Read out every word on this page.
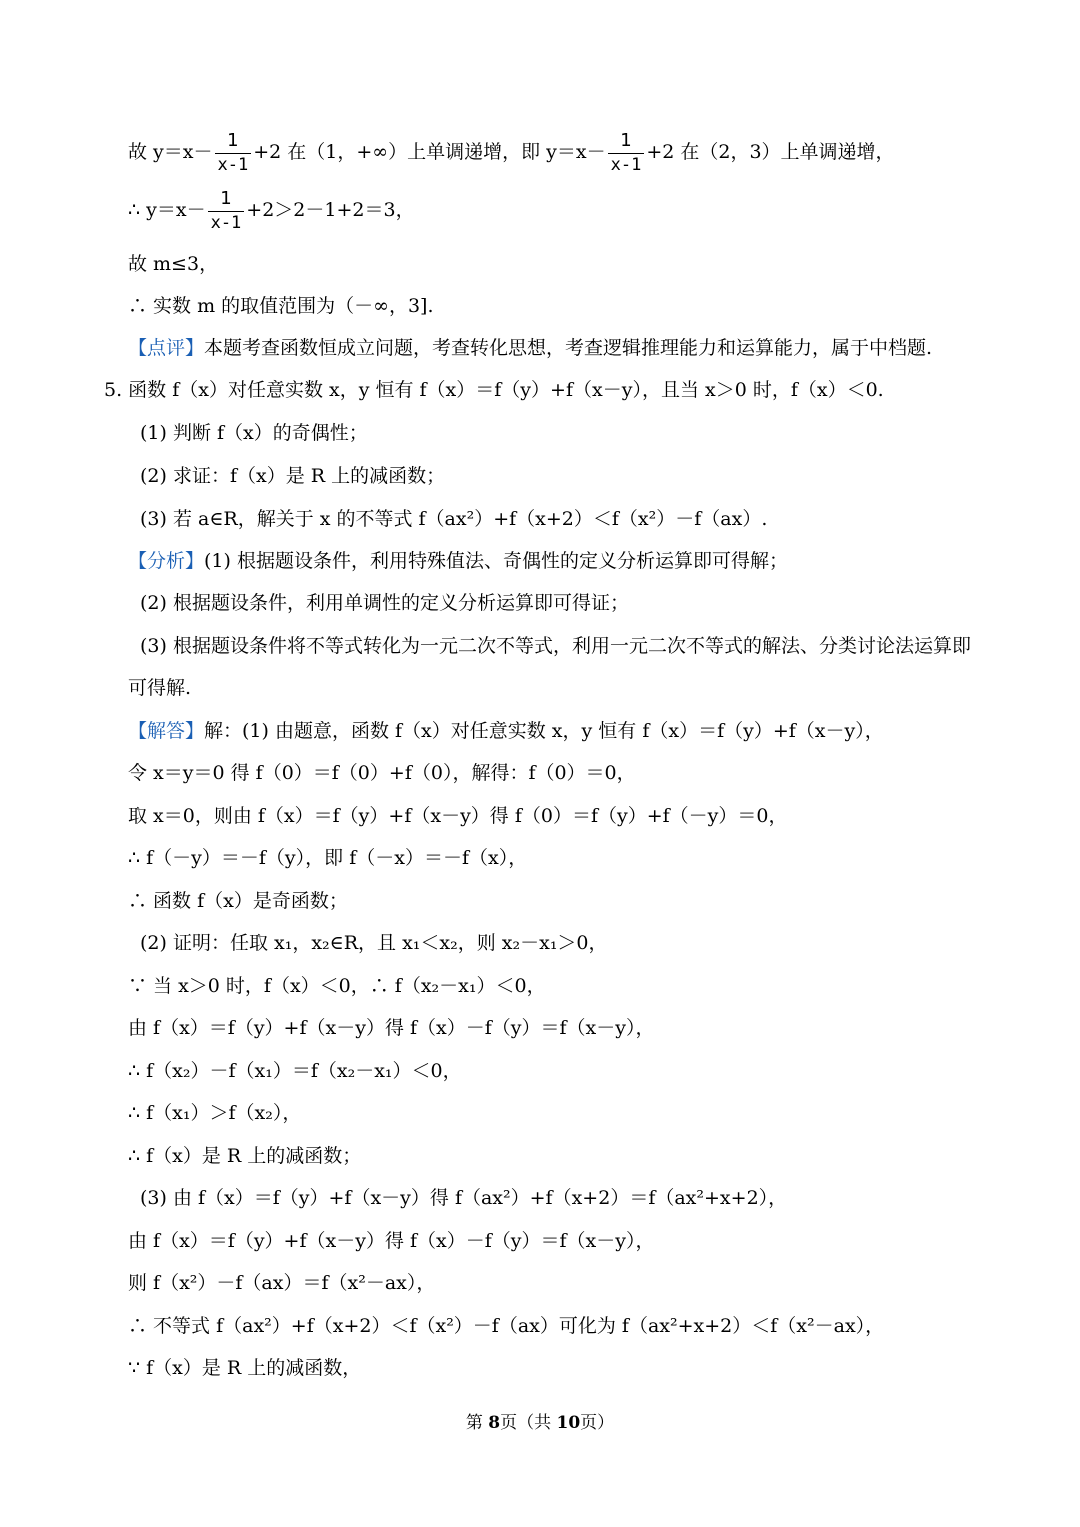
故 $y=x- \frac{1}{x-1} +2$ 在（1，+∞）上单调递增，即 $y=x- \frac{1}{x-1} +2$ 在（2，3）上单调递增，
∴ $y=x- \frac{1}{x-1} +2>2-1+2=3$，
故 m≤3，
∴ 实数 m 的取值范围为（－∞，3].
【点评】本题考查函数恒成立问题，考查转化思想，考查逻辑推理能力和运算能力，属于中档题.
5. 函数 f（x）对任意实数 x，y 恒有 f（x）＝f（y）+f（x－y），且当 x＞0 时，f（x）＜0.
(1) 判断 f（x）的奇偶性；
(2) 求证：f（x）是 R 上的减函数；
(3) 若 a∈R，解关于 x 的不等式 f（ax²）+f（x+2）＜f（x²）－f（ax）.
【分析】(1) 根据题设条件，利用特殊值法、奇偶性的定义分析运算即可得解；
(2) 根据题设条件，利用单调性的定义分析运算即可得证；
(3) 根据题设条件将不等式转化为一元二次不等式，利用一元二次不等式的解法、分类讨论法运算即
可得解.
【解答】解：(1) 由题意，函数 f（x）对任意实数 x，y 恒有 f（x）＝f（y）+f（x－y），
令 x＝y＝0 得 f（0）＝f（0）+f（0），解得：f（0）＝0，
取 x＝0，则由 f（x）＝f（y）+f（x－y）得 f（0）＝f（y）+f（－y）＝0，
∴ f（－y）＝－f（y），即 f（－x）＝－f（x），
∴ 函数 f（x）是奇函数；
(2) 证明：任取 x₁，x₂∈R，且 x₁＜x₂，则 x₂－x₁＞0，
∵ 当 x＞0 时，f（x）＜0，∴ f（x₂－x₁）＜0，
由 f（x）＝f（y）+f（x－y）得 f（x）－f（y）＝f（x－y），
∴ f（x₂）－f（x₁）＝f（x₂－x₁）＜0，
∴ f（x₁）＞f（x₂），
∴ f（x）是 R 上的减函数；
(3) 由 f（x）＝f（y）+f（x－y）得 f（ax²）+f（x+2）＝f（ax²+x+2），
由 f（x）＝f（y）+f（x－y）得 f（x）－f（y）＝f（x－y），
则 f（x²）－f（ax）＝f（x²－ax），
∴ 不等式 f（ax²）+f（x+2）＜f（x²）－f（ax）可化为 f（ax²+x+2）＜f（x²－ax），
∵ f（x）是 R 上的减函数，
第 8页（共 10页）
